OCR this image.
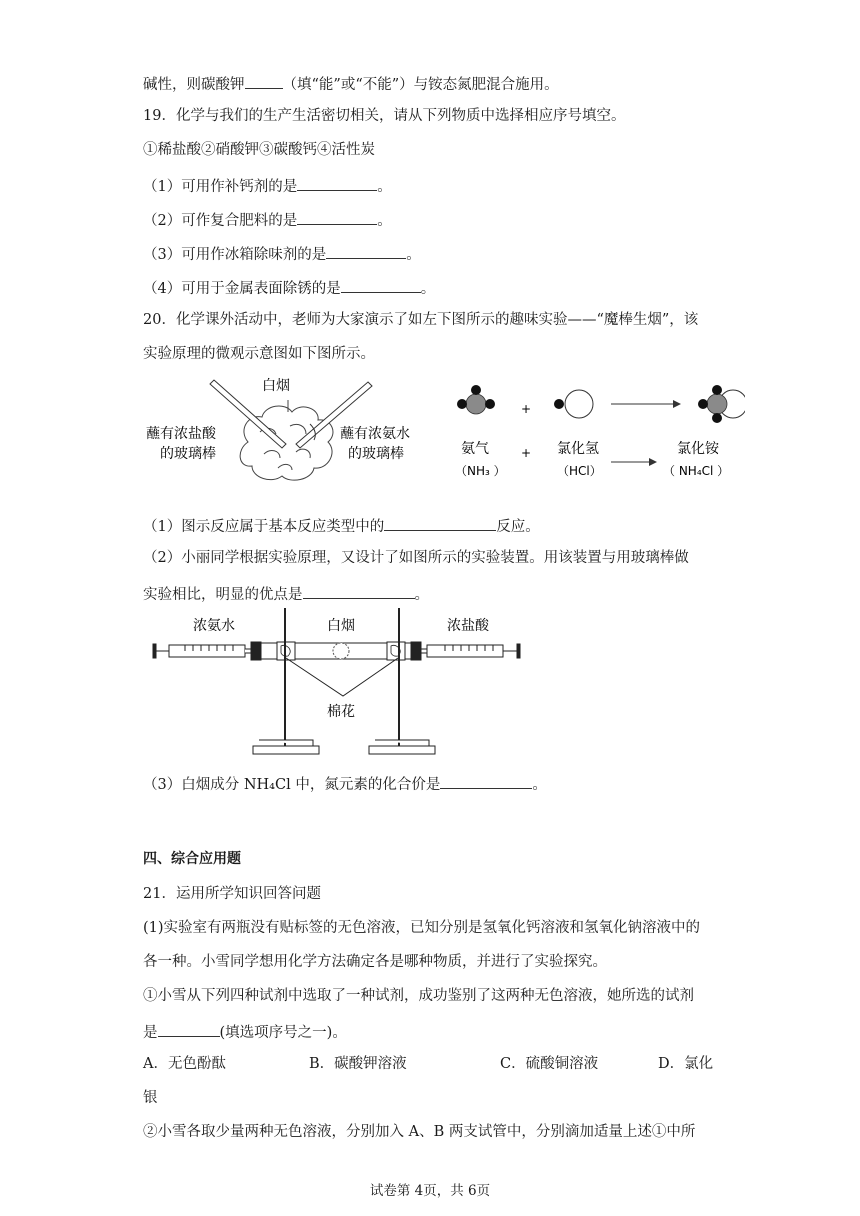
碱性，则碳酸钾	（填“能”或“不能”）与铵态氮肥混合施用。
19．化学与我们的生产生活密切相关，请从下列物质中选择相应序号填空。
①稀盐酸②硝酸钾③碳酸钙④活性炭
（1）可用作补钙剂的是	。
（2）可作复合肥料的是	。
（3）可用作冰箱除味剂的是	。
（4）可用于金属表面除锈的是	。
20．化学课外活动中，老师为大家演示了如左下图所示的趣味实验——“魔棒生烟”，该
实验原理的微观示意图如下图所示。
白烟
蘸有浓盐酸
的玻璃棒
蘸有浓氨水
的玻璃棒
+
氨气
（NH₃ ）
+ 氯化氢
（HCl）
氯化铵
（ NH₄Cl ）
（1）图示反应属于基本反应类型中的	反应。
（2）小丽同学根据实验原理，又设计了如图所示的实验装置。用该装置与用玻璃棒做
实验相比，明显的优点是	。
浓氨水	白烟	浓盐酸
棉花
（3）白烟成分 NH₄Cl 中，氮元素的化合价是	。
四、综合应用题
21．运用所学知识回答问题
(1)实验室有两瓶没有贴标签的无色溶液，已知分别是氢氧化钙溶液和氢氧化钠溶液中的
各一种。小雪同学想用化学方法确定各是哪种物质，并进行了实验探究。
①小雪从下列四种试剂中选取了一种试剂，成功鉴别了这两种无色溶液，她所选的试剂
是	(填选项序号之一)。
A．无色酚酞	B．碳酸钾溶液	C．硫酸铜溶液	D．氯化
银
②小雪各取少量两种无色溶液，分别加入 A、B 两支试管中，分别滴加适量上述①中所
试卷第 4页，共 6页
